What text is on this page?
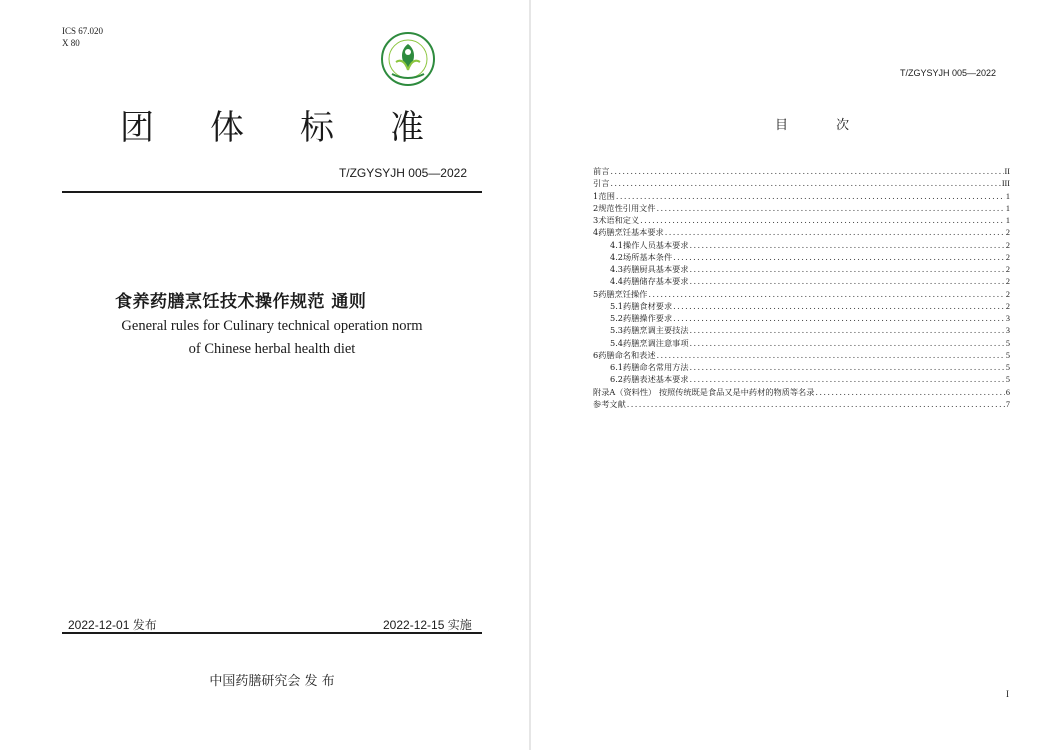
ICS 67.020
X 80
团 体 标 准
T/ZGYSYJH 005—2022
食养药膳烹饪技术操作规范 通则
General rules for Culinary technical operation norm
of Chinese herbal health diet
2022-12-01 发布	2022-12-15 实施
中国药膳研究会 发 布
T/ZGYSYJH 005—2022
目 次
前言 .....	II
引言 .....	III
1 范围 .....	1
2 规范性引用文件 .....	1
3 术语和定义 .....	1
4 药膳烹饪基本要求 .....	2
4.1 操作人员基本要求 .....	2
4.2 场所基本条件 .....	2
4.3 药膳厨具基本要求 .....	2
4.4 药膳储存基本要求 .....	2
5 药膳烹饪操作 .....	2
5.1 药膳食材要求 .....	2
5.2 药膳操作要求 .....	3
5.3 药膳烹调主要技法 .....	3
5.4 药膳烹调注意事项 .....	5
6 药膳命名和表述 .....	5
6.1 药膳命名常用方法 .....	5
6.2 药膳表述基本要求 .....	5
附录A（资料性） 按照传统既是食品又是中药材的物质等名录 .....	6
参考文献 .....	7
I
